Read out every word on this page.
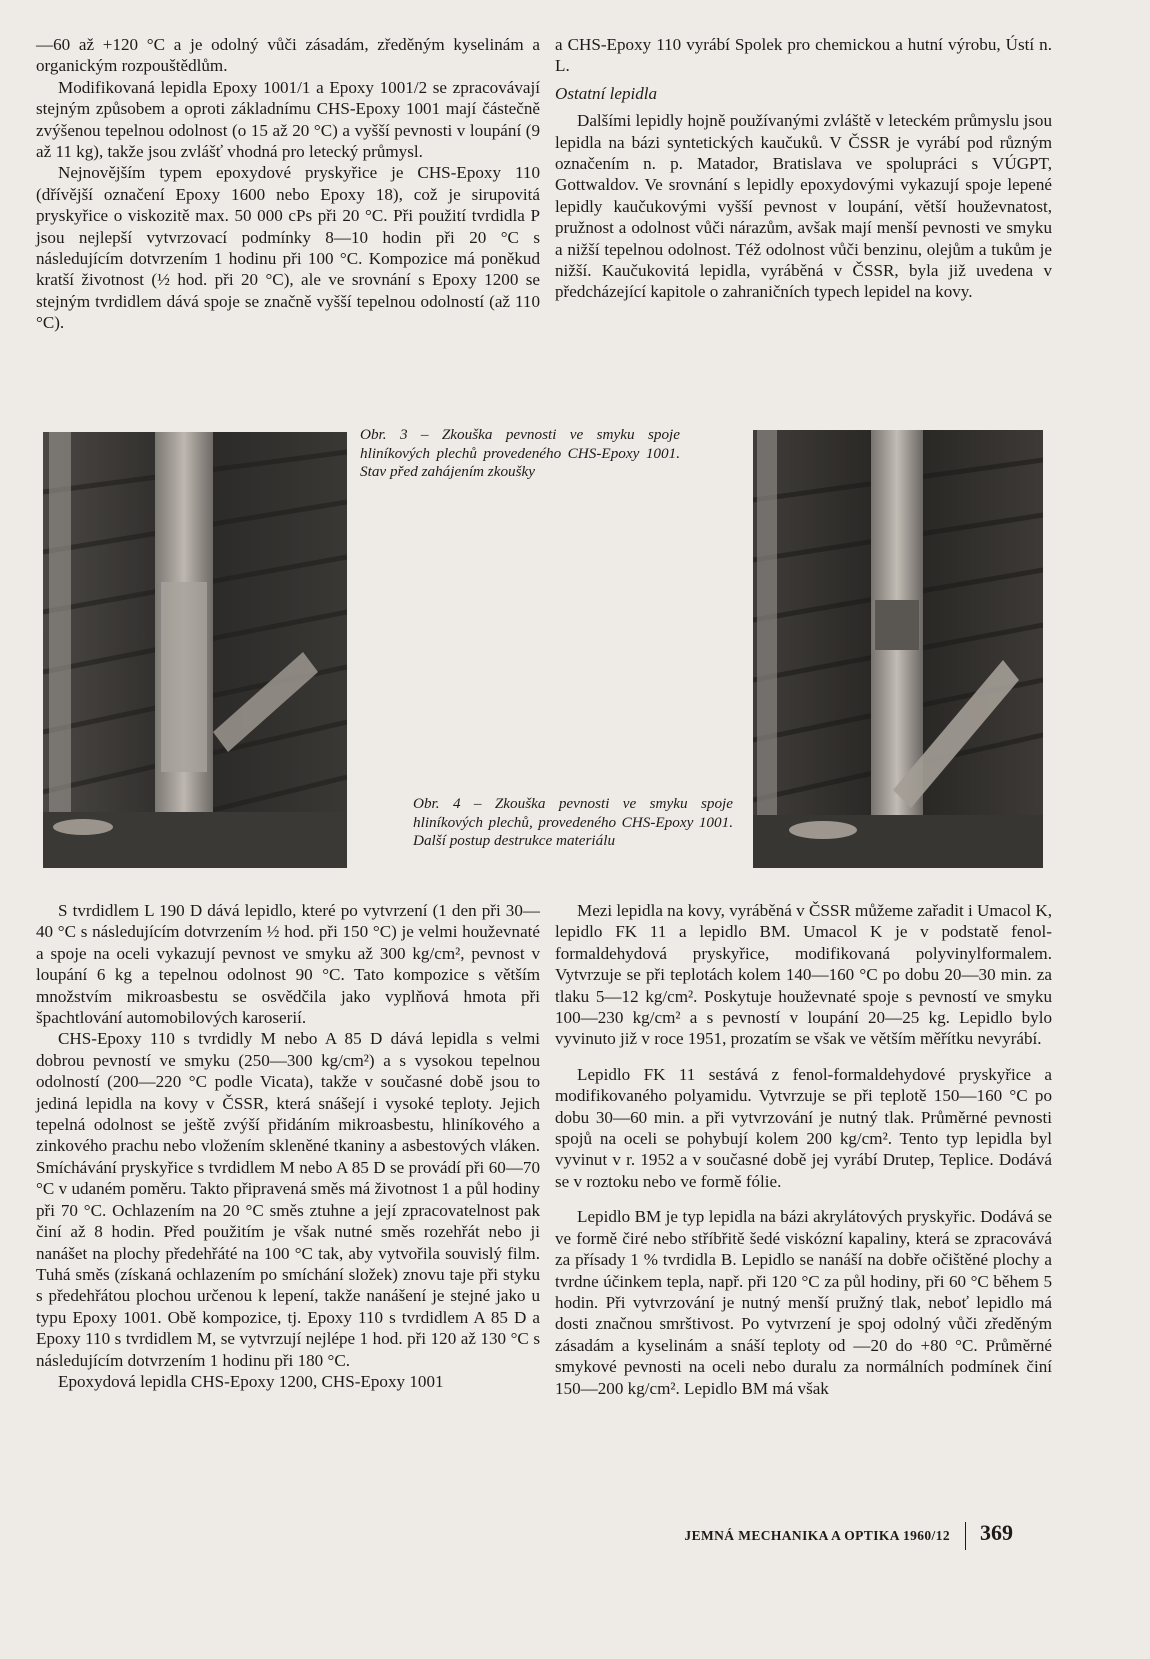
—60 až +120 °C a je odolný vůči zásadám, zředěným kyselinám a organickým rozpouštědlům.

Modifikovaná lepidla Epoxy 1001/1 a Epoxy 1001/2 se zpracovávají stejným způsobem a oproti základnímu CHS-Epoxy 1001 mají částečně zvýšenou tepelnou odolnost (o 15 až 20 °C) a vyšší pevnosti v loupání (9 až 11 kg), takže jsou zvlášť vhodná pro letecký průmysl.

Nejnovějším typem epoxydové pryskyřice je CHS-Epoxy 110 (dřívější označení Epoxy 1600 nebo Epoxy 18), což je sirupovitá pryskyřice o viskozitě max. 50 000 cPs při 20 °C. Při použití tvrdidla P jsou nejlepší vytvrzovací podmínky 8—10 hodin při 20 °C s následujícím dotvrzením 1 hodinu při 100 °C. Kompozice má poněkud kratší životnost (½ hod. při 20 °C), ale ve srovnání s Epoxy 1200 se stejným tvrdidlem dává spoje se značně vyšší tepelnou odolností (až 110 °C).

a CHS-Epoxy 110 vyrábí Spolek pro chemickou a hutní výrobu, Ústí n. L.

Ostatní lepidla

Dalšími lepidly hojně používanými zvláště v leteckém průmyslu jsou lepidla na bázi syntetických kaučuků. V ČSSR je vyrábí pod různým označením n. p. Matador, Bratislava ve spolupráci s VÚGPT, Gottwaldov. Ve srovnání s lepidly epoxydovými vykazují spoje lepené lepidly kaučukovými vyšší pevnost v loupání, větší houževnatost, pružnost a odolnost vůči nárazům, avšak mají menší pevnosti ve smyku a nižší tepelnou odolnost. Též odolnost vůči benzinu, olejům a tukům je nižší. Kaučukovitá lepidla, vyráběná v ČSSR, byla již uvedena v předcházející kapitole o zahraničních typech lepidel na kovy.

Obr. 3 – Zkouška pevnosti ve smyku spoje hliníkových plechů provedeného CHS-Epoxy 1001. Stav před zahájením zkoušky
Obr. 4 – Zkouška pevnosti ve smyku spoje hliníkových plechů, provedeného CHS-Epoxy 1001. Další postup destrukce materiálu

S tvrdidlem L 190 D dává lepidlo, které po vytvrzení (1 den při 30—40 °C s následujícím dotvrzením ½ hod. při 150 °C) je velmi houževnaté a spoje na oceli vykazují pevnost ve smyku až 300 kg/cm², pevnost v loupání 6 kg a tepelnou odolnost 90 °C. Tato kompozice s větším množstvím mikroasbestu se osvědčila jako vyplňová hmota při špachtlování automobilových karoserií.

CHS-Epoxy 110 s tvrdidly M nebo A 85 D dává lepidla s velmi dobrou pevností ve smyku (250—300 kg/cm²) a s vysokou tepelnou odolností (200—220 °C podle Vicata), takže v současné době jsou to jediná lepidla na kovy v ČSSR, která snášejí i vysoké teploty. Jejich tepelná odolnost se ještě zvýší přidáním mikroasbestu, hliníkového a zinkového prachu nebo vložením skleněné tkaniny a asbestových vláken. Smíchávání pryskyřice s tvrdidlem M nebo A 85 D se provádí při 60—70 °C v udaném poměru. Takto připravená směs má životnost 1 a půl hodiny při 70 °C. Ochlazením na 20 °C směs ztuhne a její zpracovatelnost pak činí až 8 hodin. Před použitím je však nutné směs rozehřát nebo ji nanášet na plochy předehřáté na 100 °C tak, aby vytvořila souvislý film. Tuhá směs (získaná ochlazením po smíchání složek) znovu taje při styku s předehřátou plochou určenou k lepení, takže nanášení je stejné jako u typu Epoxy 1001. Obě kompozice, tj. Epoxy 110 s tvrdidlem A 85 D a Epoxy 110 s tvrdidlem M, se vytvrzují nejlépe 1 hod. při 120 až 130 °C s následujícím dotvrzením 1 hodinu při 180 °C.

Epoxydová lepidla CHS-Epoxy 1200, CHS-Epoxy 1001

Mezi lepidla na kovy, vyráběná v ČSSR můžeme zařadit i Umacol K, lepidlo FK 11 a lepidlo BM. Umacol K je v podstatě fenol-formaldehydová pryskyřice, modifikovaná polyvinylformalem. Vytvrzuje se při teplotách kolem 140—160 °C po dobu 20—30 min. za tlaku 5—12 kg/cm². Poskytuje houževnaté spoje s pevností ve smyku 100—230 kg/cm² a s pevností v loupání 20—25 kg. Lepidlo bylo vyvinuto již v roce 1951, prozatím se však ve větším měřítku nevyrábí.

Lepidlo FK 11 sestává z fenol-formaldehydové pryskyřice a modifikovaného polyamidu. Vytvrzuje se při teplotě 150—160 °C po dobu 30—60 min. a při vytvrzování je nutný tlak. Průměrné pevnosti spojů na oceli se pohybují kolem 200 kg/cm². Tento typ lepidla byl vyvinut v r. 1952 a v současné době jej vyrábí Drutep, Teplice. Dodává se v roztoku nebo ve formě fólie.

Lepidlo BM je typ lepidla na bázi akrylátových pryskyřic. Dodává se ve formě čiré nebo stříbřitě šedé viskózní kapaliny, která se zpracovává za přísady 1 % tvrdidla B. Lepidlo se nanáší na dobře očištěné plochy a tvrdne účinkem tepla, např. při 120 °C za půl hodiny, při 60 °C během 5 hodin. Při vytvrzování je nutný menší pružný tlak, neboť lepidlo má dosti značnou smrštivost. Po vytvrzení je spoj odolný vůči zředěným zásadám a kyselinám a snáší teploty od —20 do +80 °C. Průměrné smykové pevnosti na oceli nebo duralu za normálních podmínek činí 150—200 kg/cm². Lepidlo BM má však

JEMNÁ MECHANIKA A OPTIKA 1960/12 369
